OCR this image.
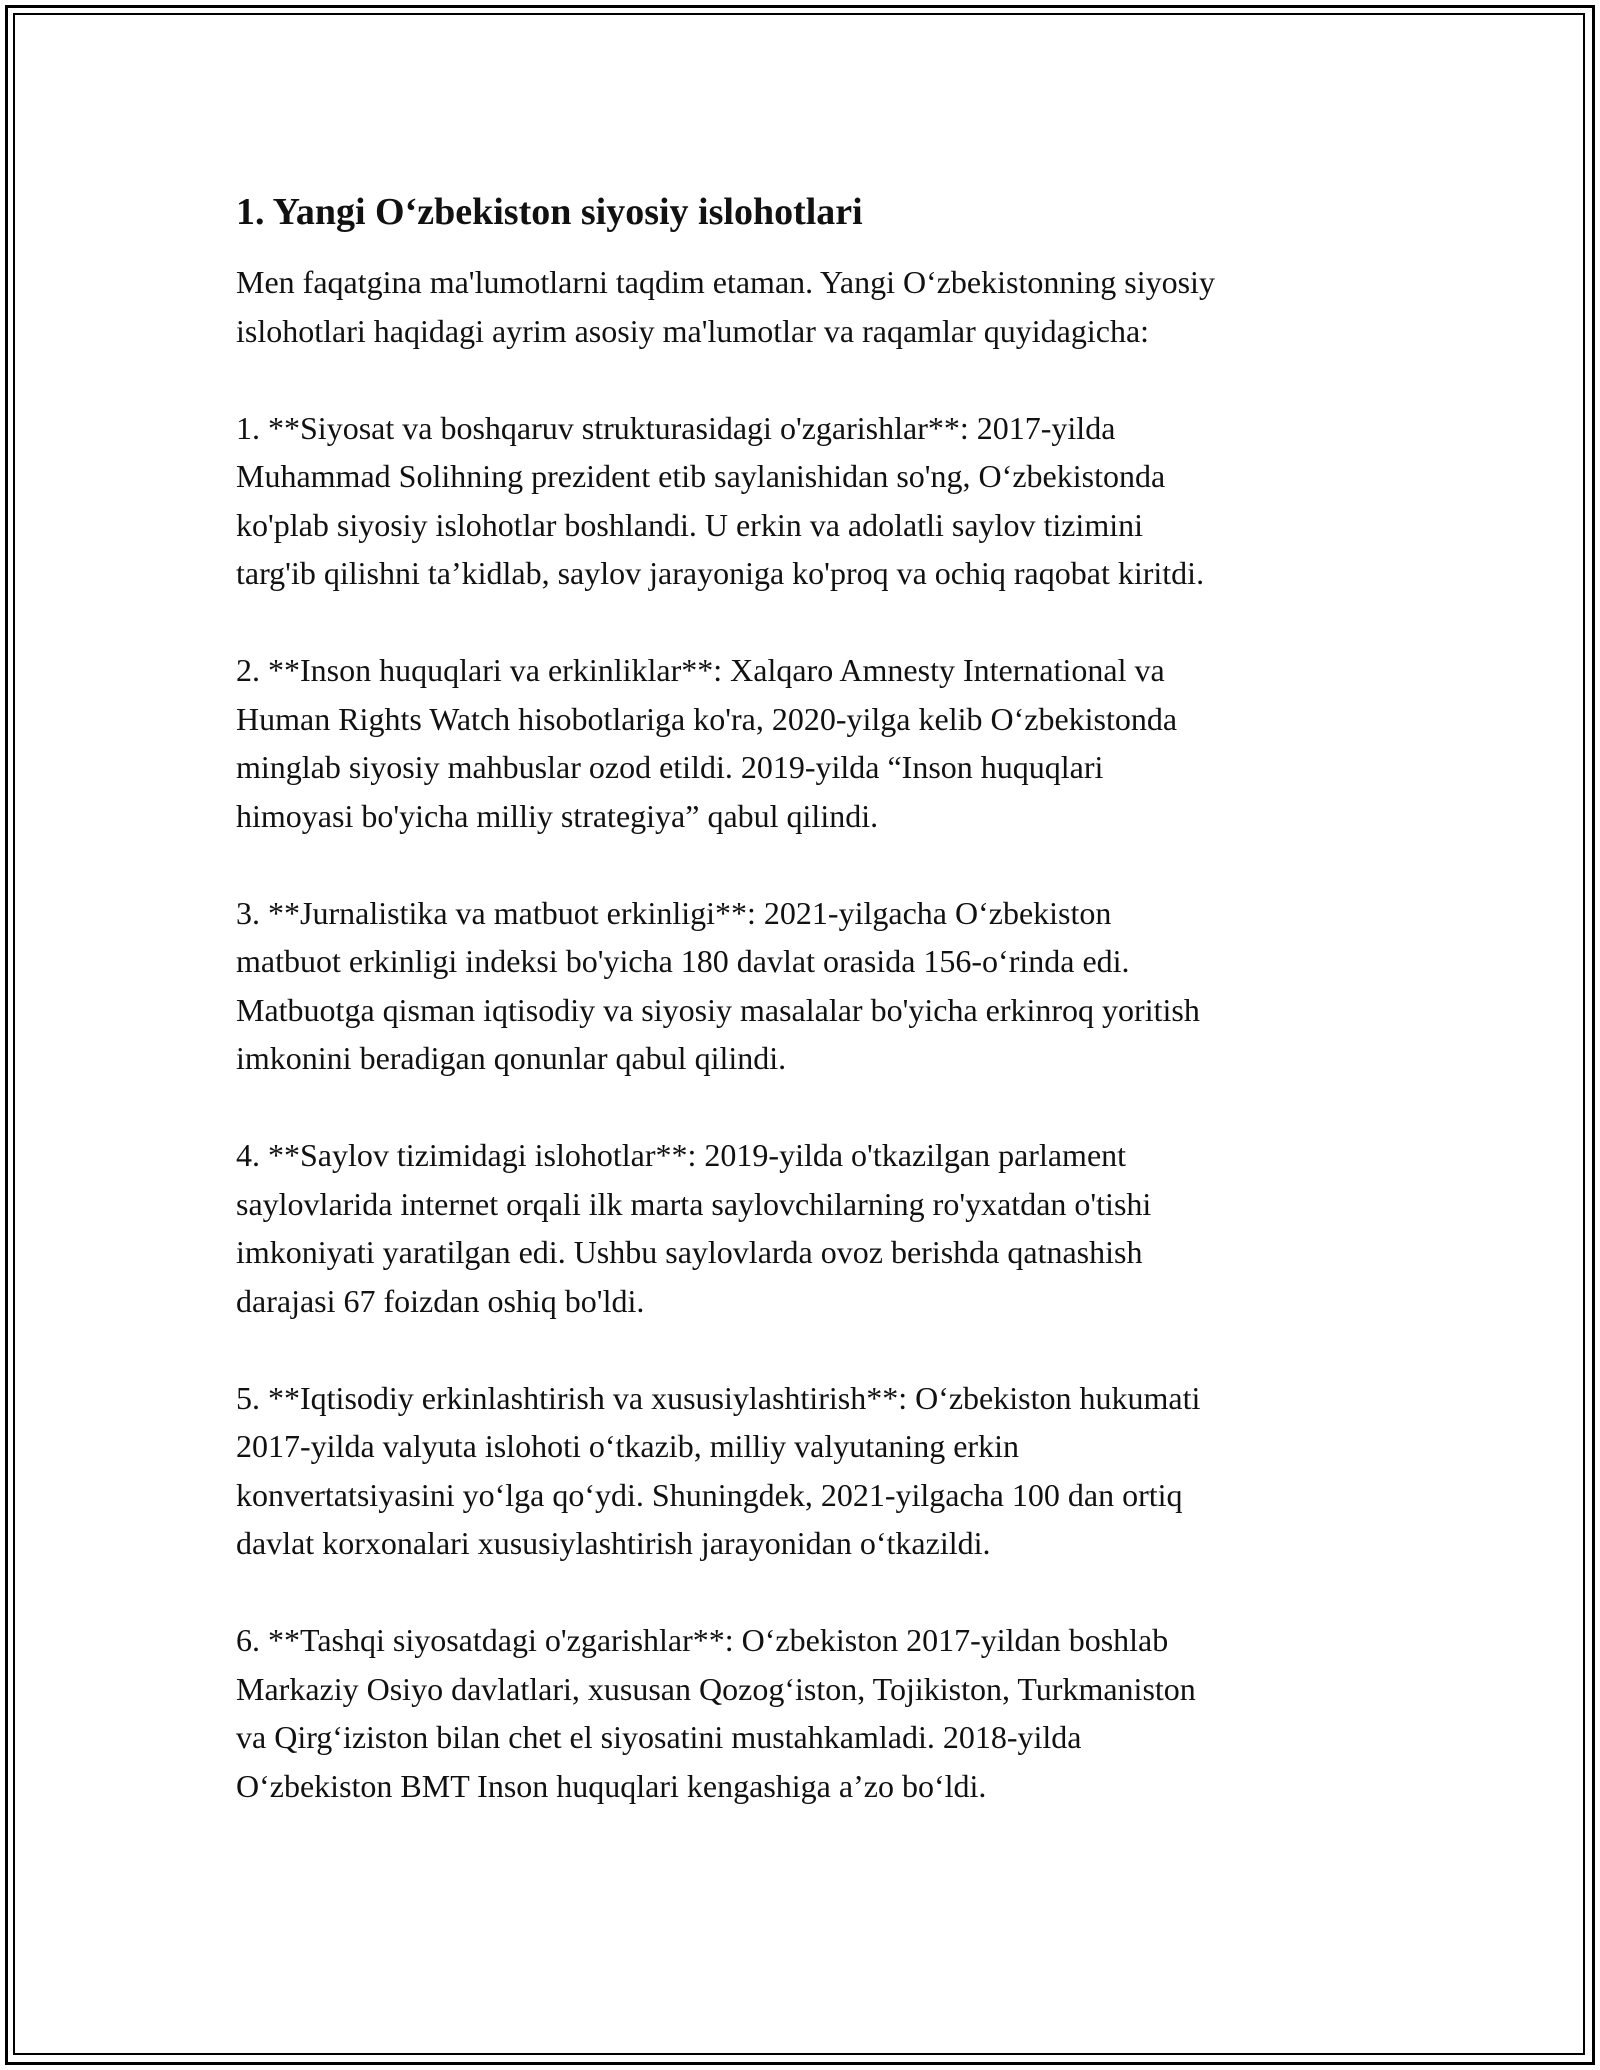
1. Yangi O‘zbekiston siyosiy islohotlari

Men faqatgina ma'lumotlarni taqdim etaman. Yangi O‘zbekistonning siyosiy
islohotlari haqidagi ayrim asosiy ma'lumotlar va raqamlar quyidagicha:

1. **Siyosat va boshqaruv strukturasidagi o'zgarishlar**: 2017-yilda
Muhammad Solihning prezident etib saylanishidan so'ng, O‘zbekistonda
ko'plab siyosiy islohotlar boshlandi. U erkin va adolatli saylov tizimini
targ'ib qilishni ta’kidlab, saylov jarayoniga ko'proq va ochiq raqobat kiritdi.

2. **Inson huquqlari va erkinliklar**: Xalqaro Amnesty International va
Human Rights Watch hisobotlariga ko'ra, 2020-yilga kelib O‘zbekistonda
minglab siyosiy mahbuslar ozod etildi. 2019-yilda “Inson huquqlari
himoyasi bo'yicha milliy strategiya” qabul qilindi.

3. **Jurnalistika va matbuot erkinligi**: 2021-yilgacha O‘zbekiston
matbuot erkinligi indeksi bo'yicha 180 davlat orasida 156-o‘rinda edi.
Matbuotga qisman iqtisodiy va siyosiy masalalar bo'yicha erkinroq yoritish
imkonini beradigan qonunlar qabul qilindi.

4. **Saylov tizimidagi islohotlar**: 2019-yilda o'tkazilgan parlament
saylovlarida internet orqali ilk marta saylovchilarning ro'yxatdan o'tishi
imkoniyati yaratilgan edi. Ushbu saylovlarda ovoz berishda qatnashish
darajasi 67 foizdan oshiq bo'ldi.

5. **Iqtisodiy erkinlashtirish va xususiylashtirish**: O‘zbekiston hukumati
2017-yilda valyuta islohoti o‘tkazib, milliy valyutaning erkin
konvertatsiyasini yo‘lga qo‘ydi. Shuningdek, 2021-yilgacha 100 dan ortiq
davlat korxonalari xususiylashtirish jarayonidan o‘tkazildi.

6. **Tashqi siyosatdagi o'zgarishlar**: O‘zbekiston 2017-yildan boshlab
Markaziy Osiyo davlatlari, xususan Qozog‘iston, Tojikiston, Turkmaniston
va Qirg‘iziston bilan chet el siyosatini mustahkamladi. 2018-yilda
O‘zbekiston BMT Inson huquqlari kengashiga a’zo bo‘ldi.
